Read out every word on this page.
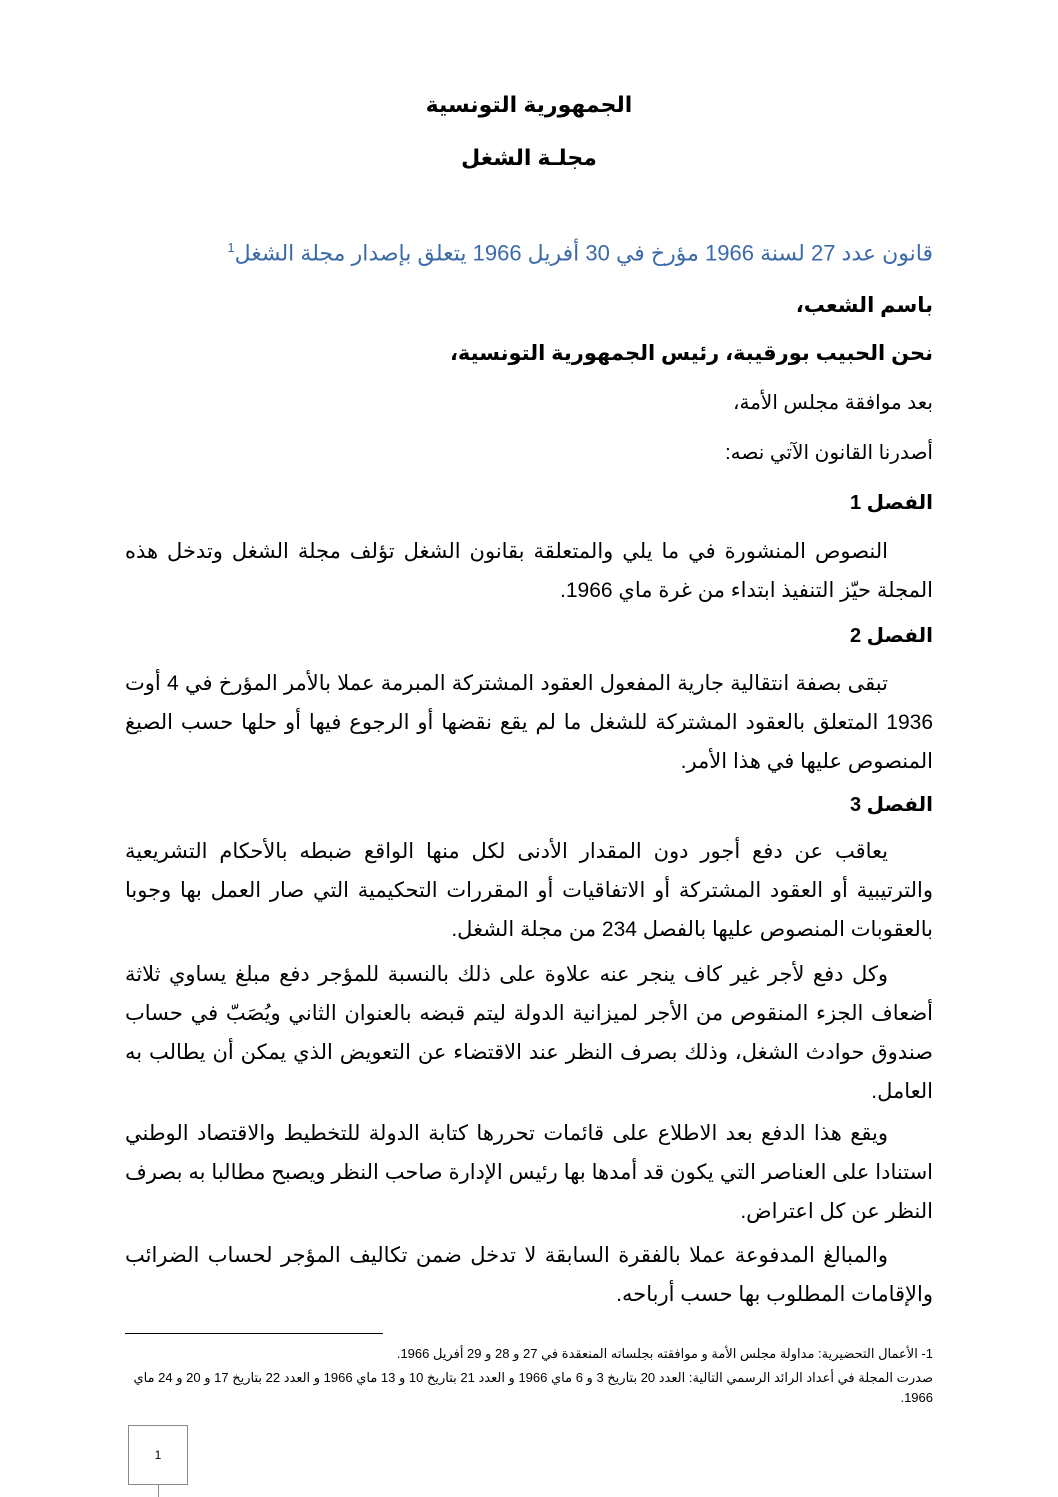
الجمهورية التونسية
مجلـة الشغل
قانون عدد 27 لسنة 1966 مؤرخ في 30 أفريل 1966 يتعلق بإصدار مجلة الشغل$^1$
باسم الشعب،
نحن الحبيب بورقيبة، رئيس الجمهورية التونسية،
بعد موافقة مجلس الأمة،
أصدرنا القانون الآتي نصه:
الفصل 1
النصوص المنشورة في ما يلي والمتعلقة بقانون الشغل تؤلف مجلة الشغل وتدخل هذه المجلة حيّز التنفيذ ابتداء من غرة ماي 1966.
الفصل 2
تبقى بصفة انتقالية جارية المفعول العقود المشتركة المبرمة عملا بالأمر المؤرخ في 4 أوت 1936 المتعلق بالعقود المشتركة للشغل ما لم يقع نقضها أو الرجوع فيها أو حلها حسب الصيغ المنصوص عليها في هذا الأمر.
الفصل 3
يعاقب عن دفع أجور دون المقدار الأدنى لكل منها الواقع ضبطه بالأحكام التشريعية والترتيبية أو العقود المشتركة أو الاتفاقيات أو المقررات التحكيمية التي صار العمل بها وجوبا بالعقوبات المنصوص عليها بالفصل 234 من مجلة الشغل.
وكل دفع لأجر غير كاف ينجر عنه علاوة على ذلك بالنسبة للمؤجر دفع مبلغ يساوي ثلاثة أضعاف الجزء المنقوص من الأجر لميزانية الدولة ليتم قبضه بالعنوان الثاني ويُصَبّ في حساب صندوق حوادث الشغل، وذلك بصرف النظر عند الاقتضاء عن التعويض الذي يمكن أن يطالب به العامل.
ويقع هذا الدفع بعد الاطلاع على قائمات تحررها كتابة الدولة للتخطيط والاقتصاد الوطني استنادا على العناصر التي يكون قد أمدها بها رئيس الإدارة صاحب النظر ويصبح مطالبا به بصرف النظر عن كل اعتراض.
والمبالغ المدفوعة عملا بالفقرة السابقة لا تدخل ضمن تكاليف المؤجر لحساب الضرائب والإقامات المطلوب بها حسب أرباحه.
1- الأعمال التحضيرية: مداولة مجلس الأمة و موافقته بجلساته المنعقدة في 27 و 28 و 29 أفريل 1966.
صدرت المجلة في أعداد الرائد الرسمي التالية: العدد 20 بتاريخ 3 و 6 ماي 1966 و العدد 21 بتاريخ 10 و 13 ماي 1966 و العدد 22 بتاريخ 17 و 20 و 24 ماي 1966.
1
